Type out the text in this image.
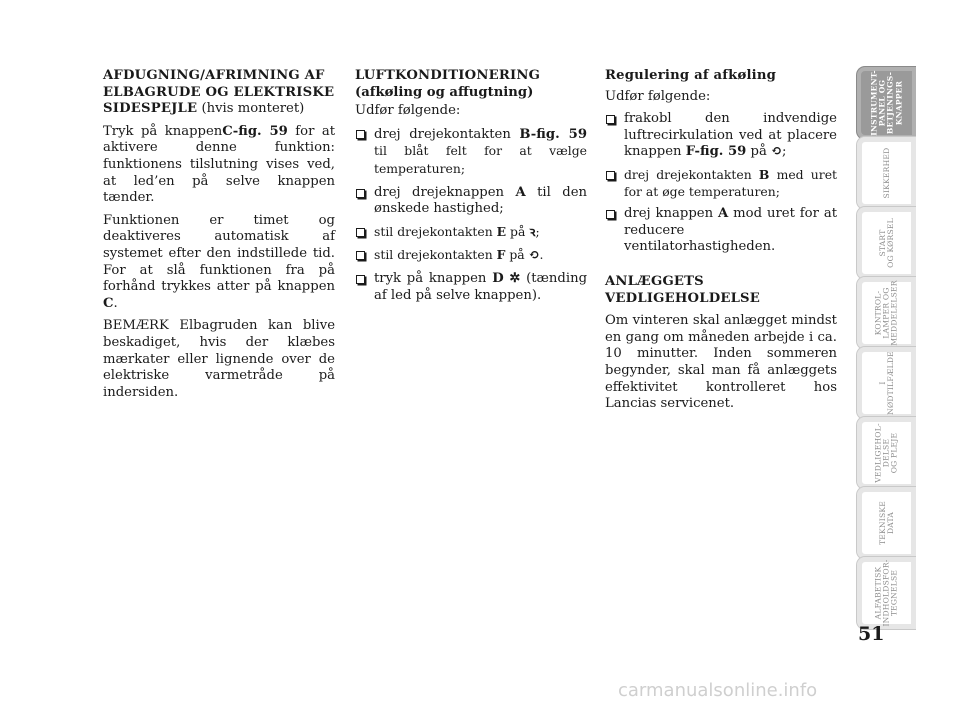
AFDUGNING/AFRIMNING AF ELBAGRUDE OG ELEKTRISKE SIDESPEJLE (hvis monteret)

Tryk på knappenC-fig. 59 for at aktivere denne funktion: funktionens tilslutning vises ved, at led’en på selve knappen tænder.

Funktionen er timet og deaktiveres automatisk af systemet efter den indstillede tid. For at slå funktionen fra på forhånd trykkes atter på knappen C.

BEMÆRK Elbagruden kan blive beskadiget, hvis der klæbes mærkater eller lignende over de elektriske varmetråde på indersiden.

LUFTKONDITIONERING
(afkøling og affugtning)

Udfør følgende:

drej drejekontakten B-fig. 59 til blåt felt for at vælge temperaturen;
drej drejeknappen A til den ønskede hastighed;
stil drejekontakten E på ꝛ;
stil drejekontakten F på ⟲.
tryk på knappen D ✲ (tænding af led på selve knappen).

Regulering af afkøling

Udfør følgende:

frakobl den indvendige luftrecirkulation ved at placere knappen F-fig. 59 på ⟲;
drej drejekontakten B med uret for at øge temperaturen;
drej knappen A mod uret for at reducere ventilatorhastigheden.

ANLÆGGETS VEDLIGEHOLDELSE

Om vinteren skal anlægget mindst en gang om måneden arbejde i ca. 10 minutter. Inden sommeren begynder, skal man få anlæggets effektivitet kontrolleret hos Lancias servicenet.

INSTRUMENT-
PANEL OG
BETJENINGS-
KNAPPER
SIKKERHED
START
OG KØRSEL
KONTROL-
LAMPER OG
MEDDELELSER
I
NØDTILFÆLDE
VEDLIGEHOL-
DELSE
OG PLEJE
TEKNISKE
DATA
ALFABETISK
INDHOLDSFOR-
TEGNELSE
51
carmanualsonline.info
